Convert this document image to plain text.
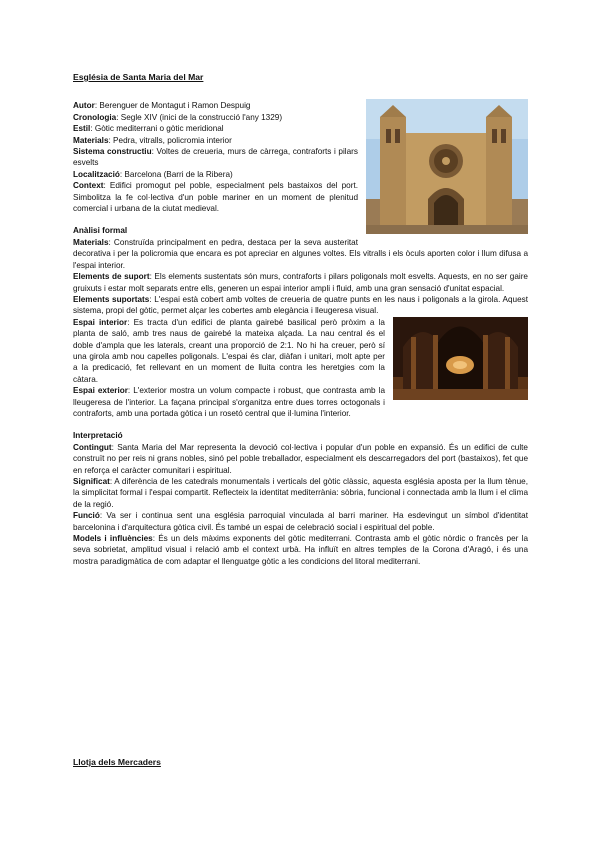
Església de Santa Maria del Mar

Autor: Berenguer de Montagut i Ramon Despuig

Cronologia: Segle XIV (inici de la construcció l'any 1329)

Estil: Gòtic mediterrani o gòtic meridional

Materials: Pedra, vitralls, policromia interior

Sistema constructiu: Voltes de creueria, murs de càrrega, contraforts i pilars esvelts

Localització: Barcelona (Barri de la Ribera)

Context: Edifici promogut pel poble, especialment pels bastaixos del port. Simbolitza la fe col·lectiva d'un poble mariner en un moment de plenitud comercial i urbana de la ciutat medieval.

Anàlisi formal

Materials: Construïda principalment en pedra, destaca per la seva austeritat decorativa i per la policromia que encara es pot apreciar en algunes voltes. Els vitralls i els òculs aporten color i llum difusa a l'espai interior.

Elements de suport: Els elements sustentats són murs, contraforts i pilars poligonals molt esvelts. Aquests, en no ser gaire gruixuts i estar molt separats entre ells, generen un espai interior ampli i fluid, amb una gran sensació d'unitat espacial.

Elements suportats: L'espai està cobert amb voltes de creueria de quatre punts en les naus i poligonals a la girola. Aquest sistema, propi del gòtic, permet alçar les cobertes amb elegància i lleugeresa visual.

Espai interior: Es tracta d'un edifici de planta gairebé basilical però pròxim a la planta de saló, amb tres naus de gairebé la mateixa alçada. La nau central és el doble d'ampla que les laterals, creant una proporció de 2:1. No hi ha creuer, però sí una girola amb nou capelles poligonals. L'espai és clar, diàfan i unitari, molt apte per a la predicació, fet rellevant en un moment de lluita contra les heretgies com la càtara.

Espai exterior: L'exterior mostra un volum compacte i robust, que contrasta amb la lleugeresa de l'interior. La façana principal s'organitza entre dues torres octogonals i contraforts, amb una portada gòtica i un rosetó central que il·lumina l'interior.

Interpretació

Contingut: Santa Maria del Mar representa la devoció col·lectiva i popular d'un poble en expansió. És un edifici de culte construït no per reis ni grans nobles, sinó pel poble treballador, especialment els descarregadors del port (bastaixos), fet que en reforça el caràcter comunitari i espiritual.

Significat: A diferència de les catedrals monumentals i verticals del gòtic clàssic, aquesta església aposta per la llum tènue, la simplicitat formal i l'espai compartit. Reflecteix la identitat mediterrània: sòbria, funcional i connectada amb la llum i el clima de la regió.

Funció: Va ser i continua sent una església parroquial vinculada al barri mariner. Ha esdevingut un símbol d'identitat barcelonina i d'arquitectura gòtica civil. És també un espai de celebració social i espiritual del poble.

Models i influències: És un dels màxims exponents del gòtic mediterrani. Contrasta amb el gòtic nòrdic o francès per la seva sobrietat, amplitud visual i relació amb el context urbà. Ha influït en altres temples de la Corona d'Aragó, i és una mostra paradigmàtica de com adaptar el llenguatge gòtic a les condicions del litoral mediterrani.

Llotja dels Mercaders
